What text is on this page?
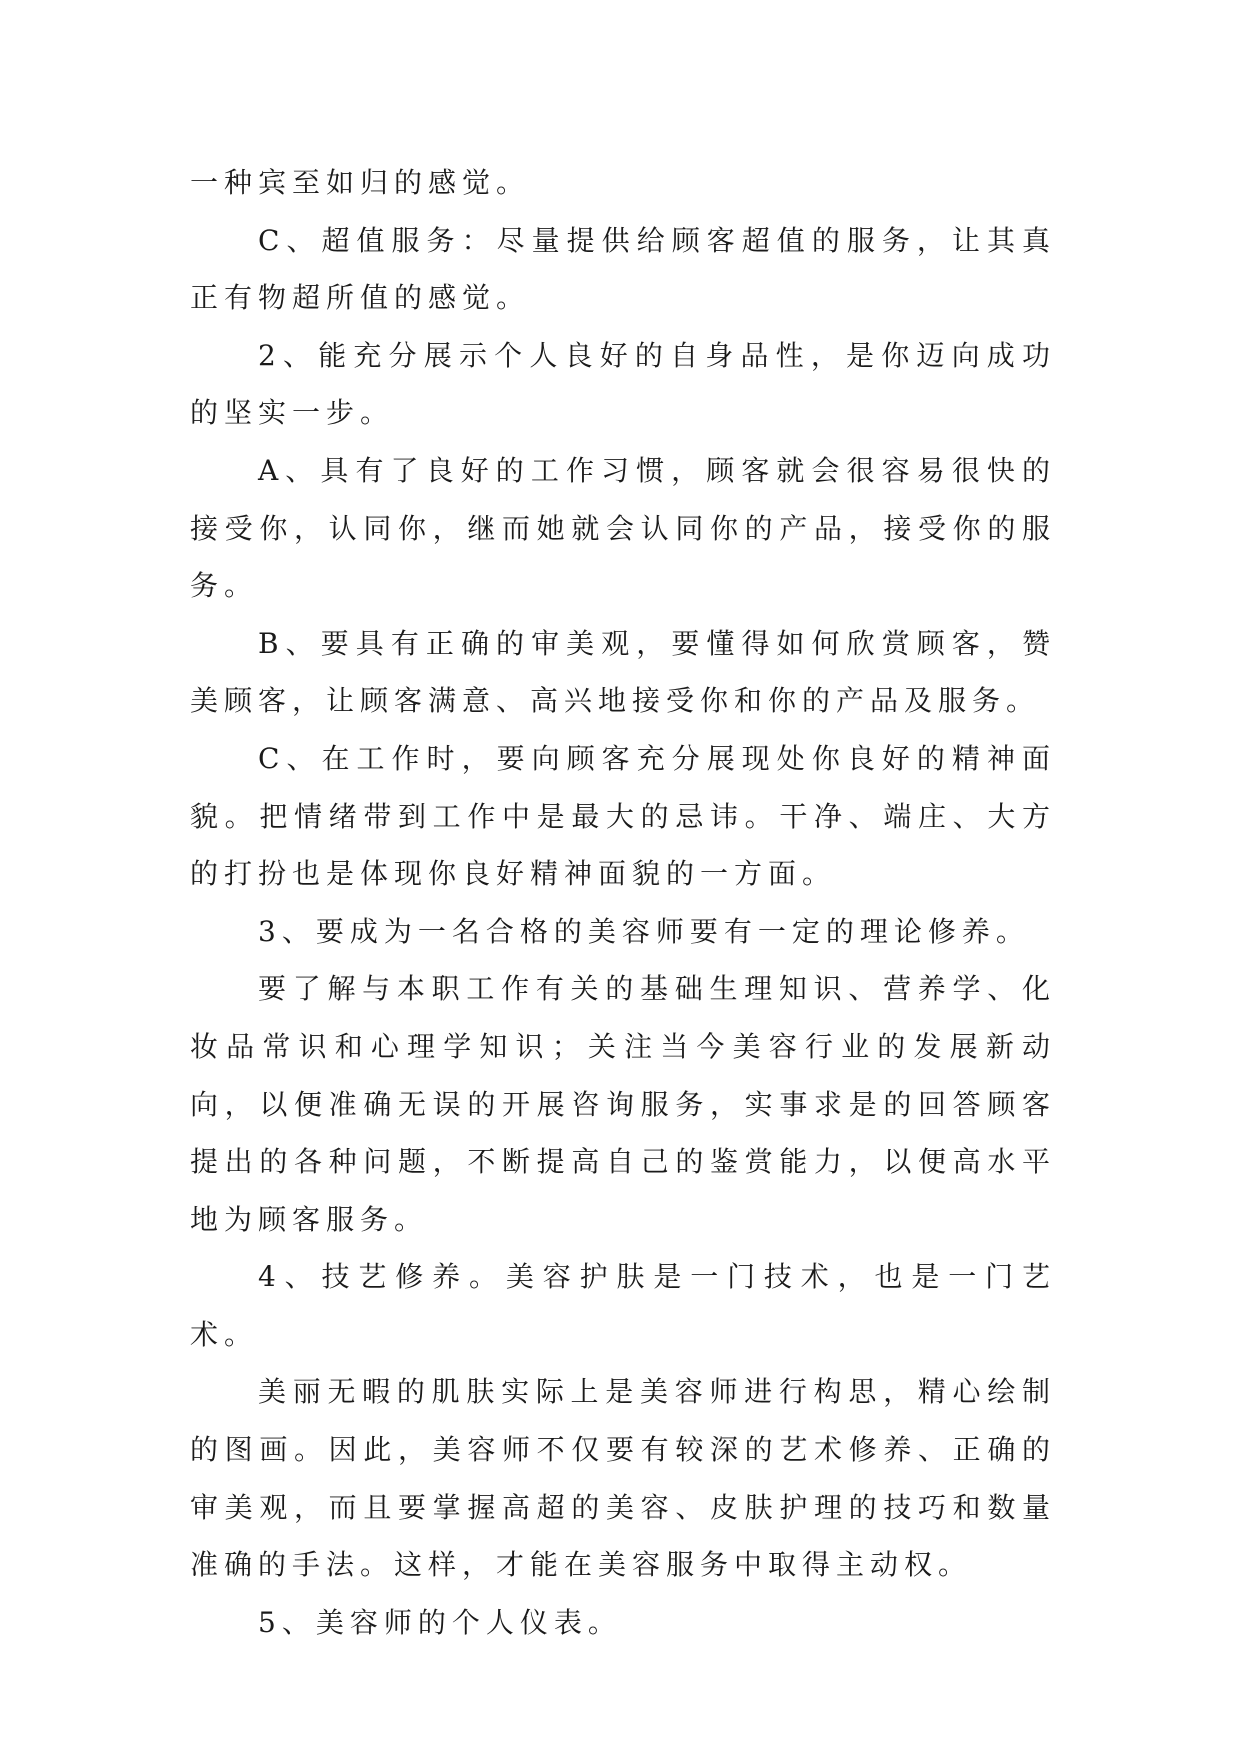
一种宾至如归的感觉。

C、超值服务：尽量提供给顾客超值的服务，让其真正有物超所值的感觉。

2、能充分展示个人良好的自身品性，是你迈向成功的坚实一步。

A、具有了良好的工作习惯，顾客就会很容易很快的接受你，认同你，继而她就会认同你的产品，接受你的服务。

B、要具有正确的审美观，要懂得如何欣赏顾客，赞美顾客，让顾客满意、高兴地接受你和你的产品及服务。

C、在工作时，要向顾客充分展现处你良好的精神面貌。把情绪带到工作中是最大的忌讳。干净、端庄、大方的打扮也是体现你良好精神面貌的一方面。

3、要成为一名合格的美容师要有一定的理论修养。

要了解与本职工作有关的基础生理知识、营养学、化妆品常识和心理学知识；关注当今美容行业的发展新动向，以便准确无误的开展咨询服务，实事求是的回答顾客提出的各种问题，不断提高自己的鉴赏能力，以便高水平地为顾客服务。

4、技艺修养。美容护肤是一门技术，也是一门艺术。

美丽无暇的肌肤实际上是美容师进行构思，精心绘制的图画。因此，美容师不仅要有较深的艺术修养、正确的审美观，而且要掌握高超的美容、皮肤护理的技巧和数量准确的手法。这样，才能在美容服务中取得主动权。

5、美容师的个人仪表。
